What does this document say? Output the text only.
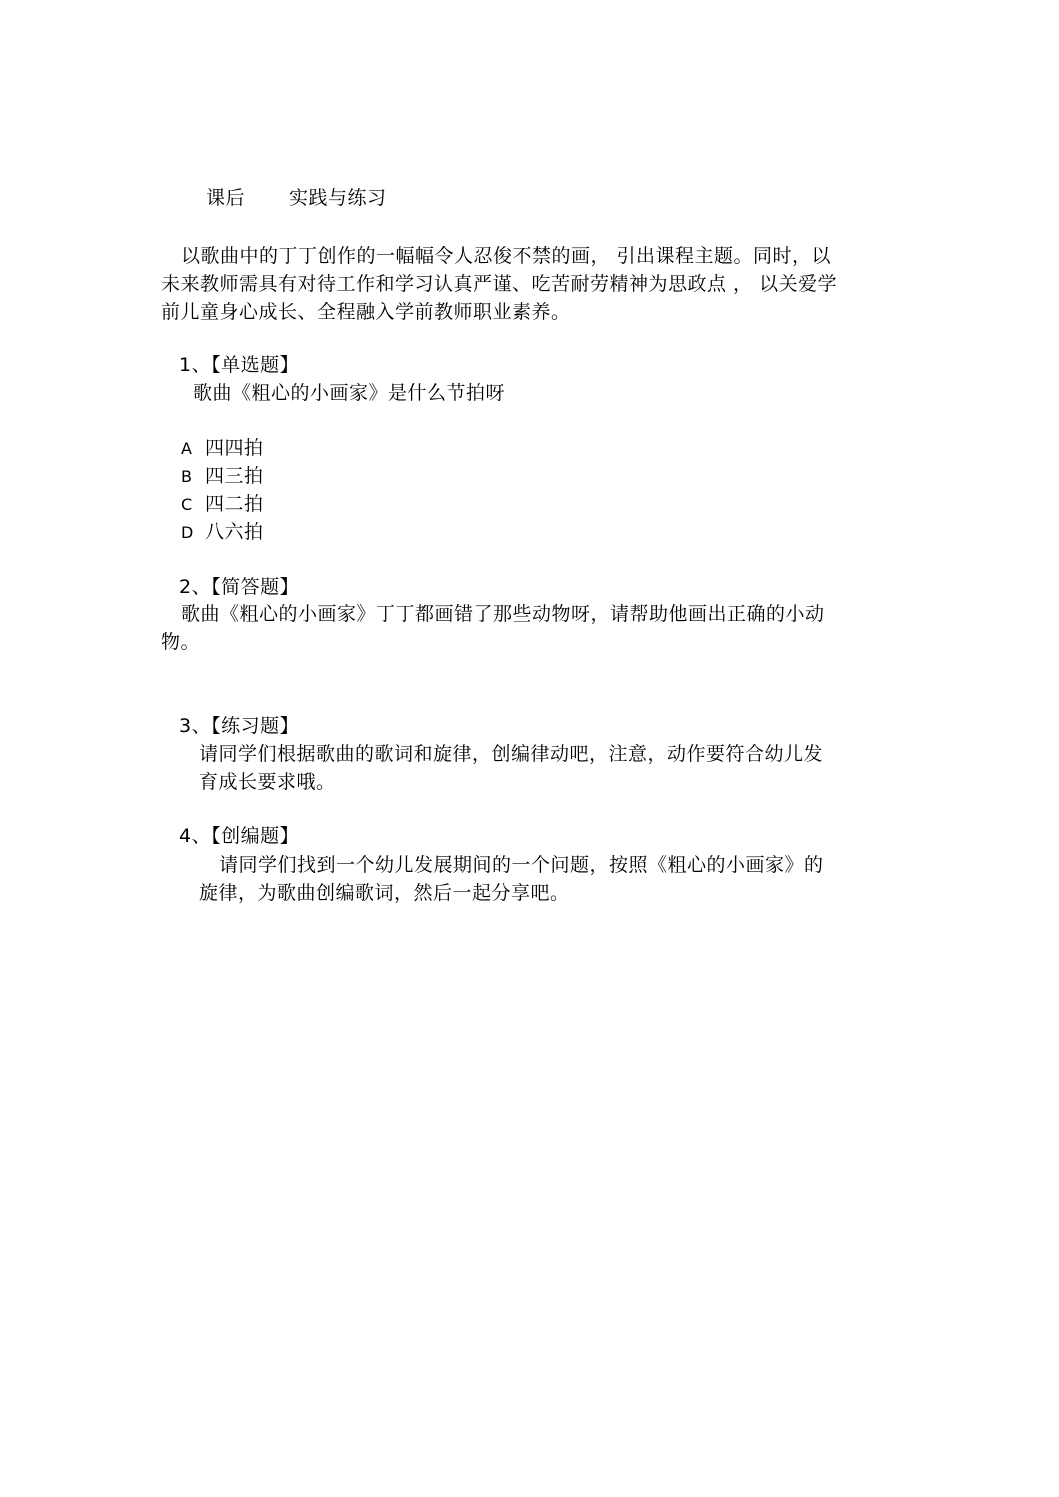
课后 实践与练习
以歌曲中的丁丁创作的一幅幅令人忍俊不禁的画， 引出课程主题。同时，以
未来教师需具有对待工作和学习认真严谨、吃苦耐劳精神为思政点 ， 以关爱学
前儿童身心成长、全程融入学前教师职业素养。
1、【单选题】
歌曲《粗心的小画家》是什么节拍呀
A 四四拍
B 四三拍
C 四二拍
D 八六拍
2、【简答题】
歌曲《粗心的小画家》丁丁都画错了那些动物呀，请帮助他画出正确的小动
物。
3、【练习题】
请同学们根据歌曲的歌词和旋律，创编律动吧，注意，动作要符合幼儿发
育成长要求哦。
4、【创编题】
请同学们找到一个幼儿发展期间的一个问题，按照《粗心的小画家》的
旋律，为歌曲创编歌词，然后一起分享吧。
